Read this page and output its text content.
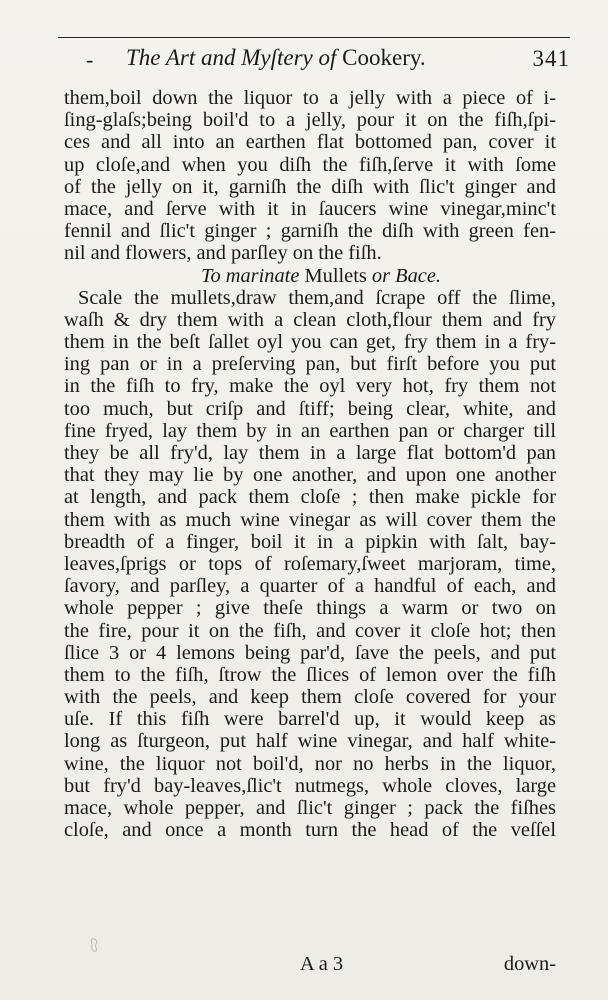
- The Art and Myſtery of Cookery.	341
them,boil down the liquor to a jelly with a piece of i-
ſing-glaſs;being boil'd to a jelly, pour it on the fiſh,ſpi-
ces and all into an earthen flat bottomed pan, cover it
up cloſe,and when you diſh the fiſh,ſerve it with ſome
of the jelly on it, garniſh the diſh with ſlic't ginger and
mace, and ſerve with it in ſaucers wine vinegar,minc't
fennil and ſlic't ginger ; garniſh the diſh with green fen-
nil and flowers, and parſley on the fiſh.
To marinate Mullets or Bace.
Scale the mullets,draw them,and ſcrape off the ſlime,
waſh & dry them with a clean cloth,flour them and fry
them in the beſt ſallet oyl you can get, fry them in a fry-
ing pan or in a preſerving pan, but firſt before you put
in the fiſh to fry, make the oyl very hot, fry them not
too much, but criſp and ſtiff; being clear, white, and
fine fryed, lay them by in an earthen pan or charger till
they be all fry'd, lay them in a large flat bottom'd pan
that they may lie by one another, and upon one another
at length, and pack them cloſe ; then make pickle for
them with as much wine vinegar as will cover them the
breadth of a finger, boil it in a pipkin with ſalt, bay-
leaves,ſprigs or tops of roſemary,ſweet marjoram, time,
ſavory, and parſley, a quarter of a handful of each, and
whole pepper ; give theſe things a warm or two on
the fire, pour it on the fiſh, and cover it cloſe hot; then
ſlice 3 or 4 lemons being par'd, ſave the peels, and put
them to the fiſh, ſtrow the ſlices of lemon over the fiſh
with the peels, and keep them cloſe covered for your
uſe. If this fiſh were barrel'd up, it would keep as
long as ſturgeon, put half wine vinegar, and half white-
wine, the liquor not boil'd, nor no herbs in the liquor,
but fry'd bay-leaves,ſlic't nutmegs, whole cloves, large
mace, whole pepper, and ſlic't ginger ; pack the fiſhes
cloſe, and once a month turn the head of the veſſel
A a 3	down-
